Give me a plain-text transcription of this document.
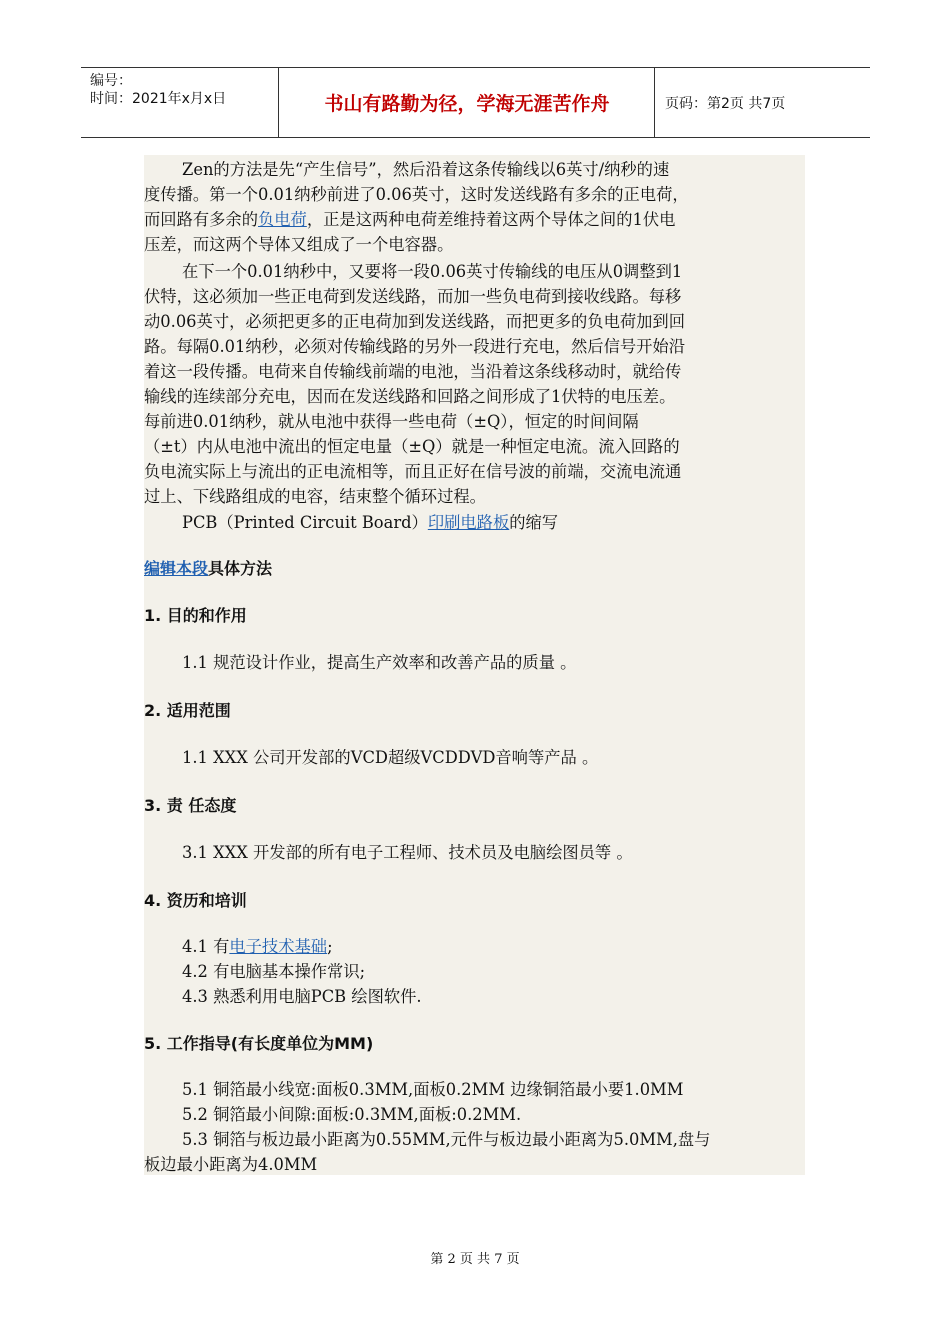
编号：
时间：2021年x月x日	书山有路勤为径，学海无涯苦作舟	页码：第2页 共7页
Zen的方法是先“产生信号”，然后沿着这条传输线以6英寸/纳秒的速
度传播。第一个0.01纳秒前进了0.06英寸，这时发送线路有多余的正电荷，
而回路有多余的负电荷，正是这两种电荷差维持着这两个导体之间的1伏电
压差，而这两个导体又组成了一个电容器。
在下一个0.01纳秒中，又要将一段0.06英寸传输线的电压从0调整到1
伏特，这必须加一些正电荷到发送线路，而加一些负电荷到接收线路。每移
动0.06英寸，必须把更多的正电荷加到发送线路，而把更多的负电荷加到回
路。每隔0.01纳秒，必须对传输线路的另外一段进行充电，然后信号开始沿
着这一段传播。电荷来自传输线前端的电池，当沿着这条线移动时，就给传
输线的连续部分充电，因而在发送线路和回路之间形成了1伏特的电压差。
每前进0.01纳秒，就从电池中获得一些电荷（±Q），恒定的时间间隔
（±t）内从电池中流出的恒定电量（±Q）就是一种恒定电流。流入回路的
负电流实际上与流出的正电流相等，而且正好在信号波的前端，交流电流通
过上、下线路组成的电容，结束整个循环过程。
PCB（Printed Circuit Board）印刷电路板的缩写
编辑本段具体方法
1. 目的和作用
1.1 规范设计作业，提高生产效率和改善产品的质量 。
2. 适用范围
1.1 XXX 公司开发部的VCD超级VCDDVD音响等产品 。
3. 责 任态度
3.1 XXX 开发部的所有电子工程师、技术员及电脑绘图员等 。
4. 资历和培训
4.1 有电子技术基础;
4.2 有电脑基本操作常识;
4.3 熟悉利用电脑PCB 绘图软件.
5. 工作指导(有长度单位为MM)
5.1 铜箔最小线宽:面板0.3MM,面板0.2MM 边缘铜箔最小要1.0MM
5.2 铜箔最小间隙:面板:0.3MM,面板:0.2MM.
5.3 铜箔与板边最小距离为0.55MM,元件与板边最小距离为5.0MM,盘与
板边最小距离为4.0MM
第 2 页 共 7 页
